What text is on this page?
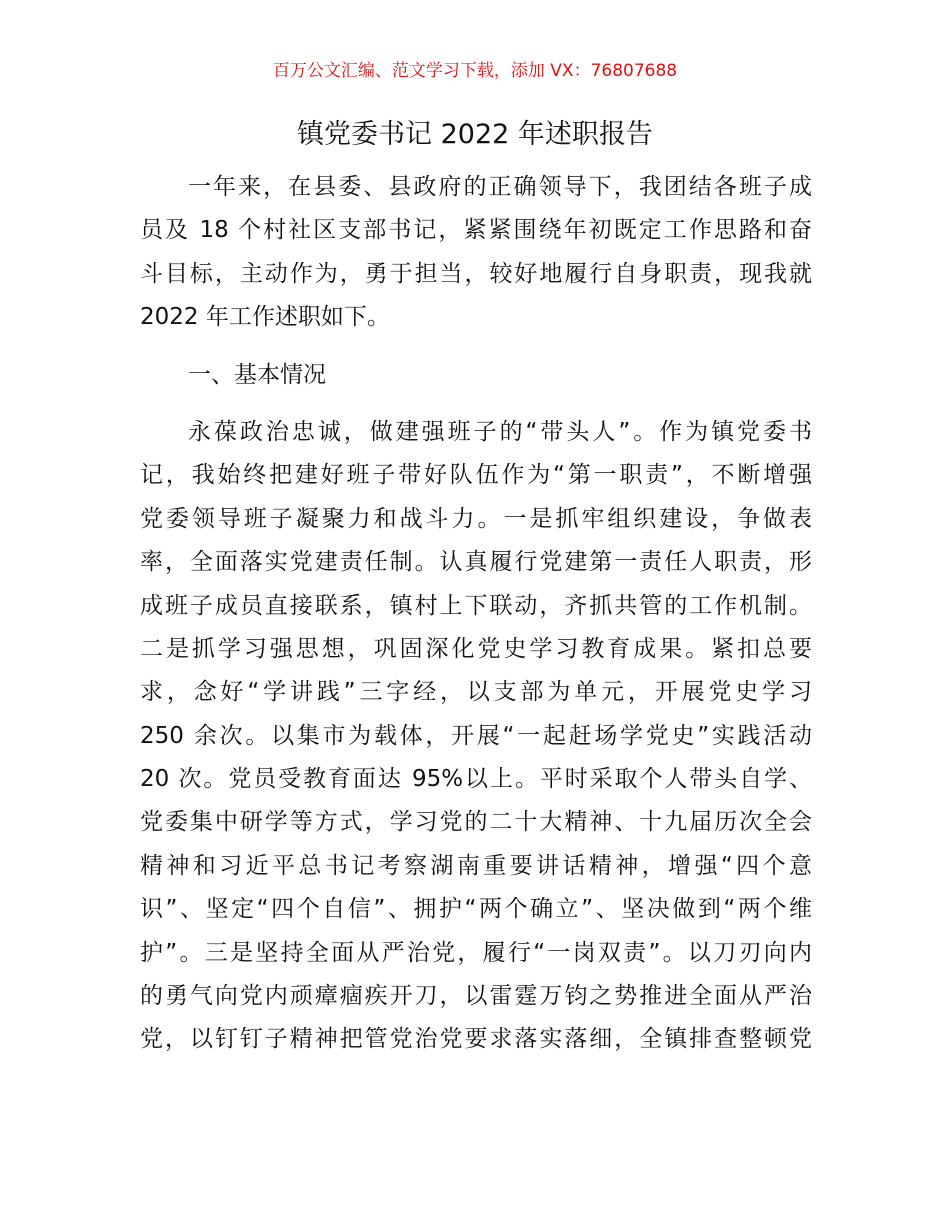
百万公文汇编、范文学习下载，添加 VX：76807688
镇党委书记 2022 年述职报告
一年来，在县委、县政府的正确领导下，我团结各班子成
员及 18 个村社区支部书记，紧紧围绕年初既定工作思路和奋
斗目标，主动作为，勇于担当，较好地履行自身职责，现我就
2022 年工作述职如下。
一、基本情况
永葆政治忠诚，做建强班子的“带头人”。作为镇党委书
记，我始终把建好班子带好队伍作为“第一职责”，不断增强
党委领导班子凝聚力和战斗力。一是抓牢组织建设，争做表
率，全面落实党建责任制。认真履行党建第一责任人职责，形
成班子成员直接联系，镇村上下联动，齐抓共管的工作机制。
二是抓学习强思想，巩固深化党史学习教育成果。紧扣总要
求，念好“学讲践”三字经，以支部为单元，开展党史学习
250 余次。以集市为载体，开展“一起赶场学党史”实践活动
20 次。党员受教育面达 95%以上。平时采取个人带头自学、
党委集中研学等方式，学习党的二十大精神、十九届历次全会
精神和习近平总书记考察湖南重要讲话精神，增强“四个意
识”、坚定“四个自信”、拥护“两个确立”、坚决做到“两个维
护”。三是坚持全面从严治党，履行“一岗双责”。以刀刃向内
的勇气向党内顽瘴痼疾开刀，以雷霆万钧之势推进全面从严治
党，以钉钉子精神把管党治党要求落实落细，全镇排查整顿党
